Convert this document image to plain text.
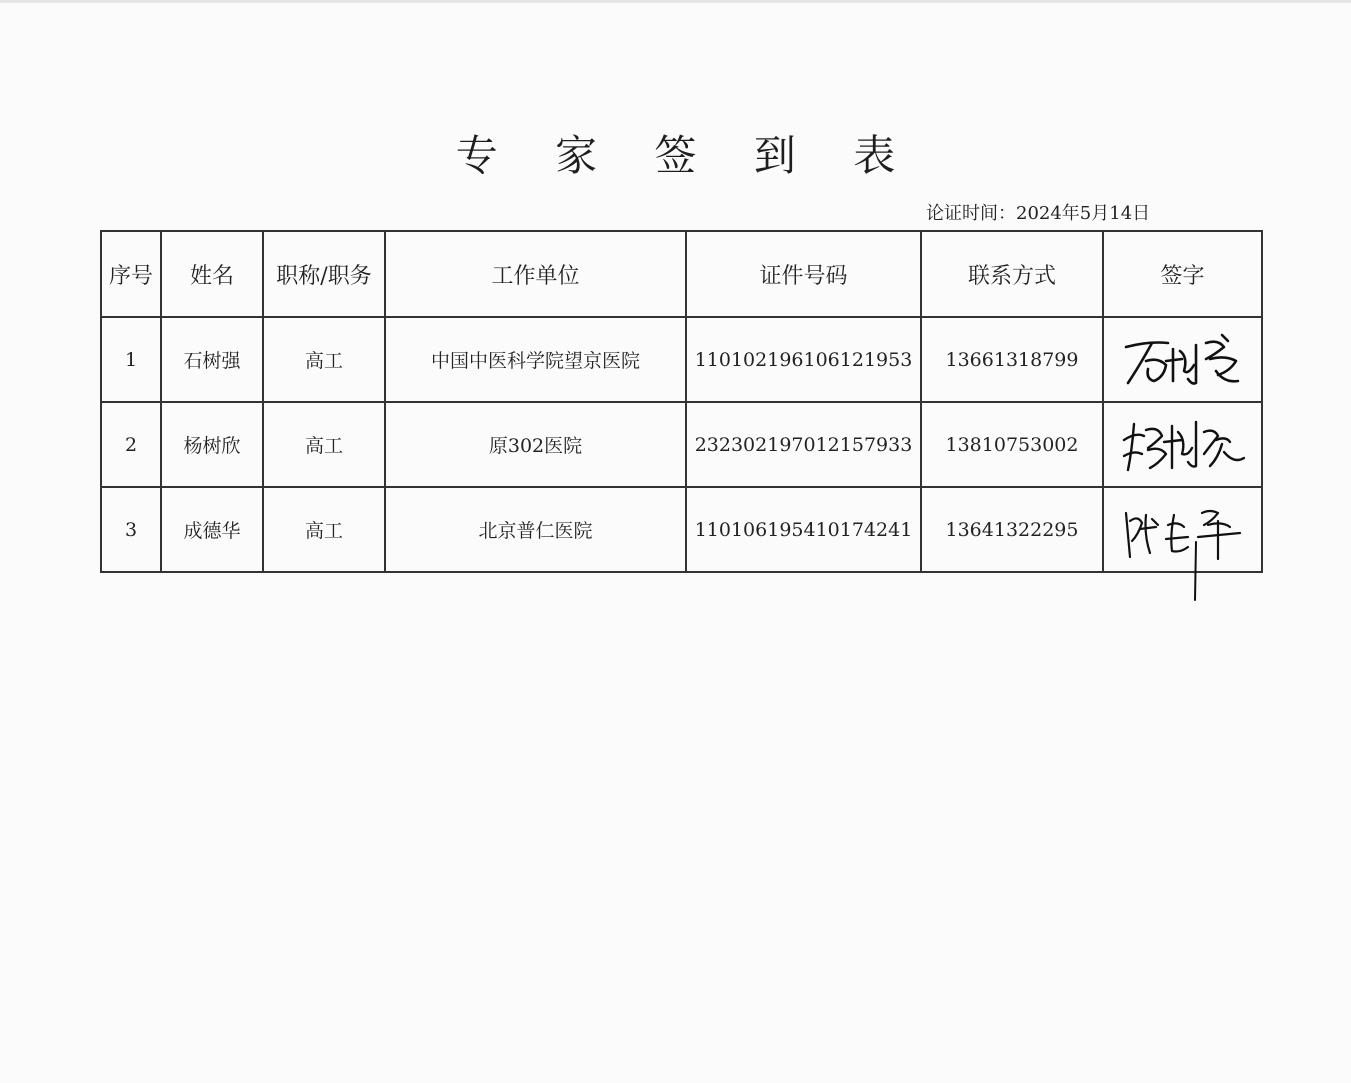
专 家 签 到 表
论证时间：2024年5月14日
序号	姓名	职称/职务	工作单位	证件号码	联系方式	签字
1	石树强	高工	中国中医科学院望京医院	110102196106121953	13661318799	

2	杨树欣	高工	原302医院	232302197012157933	13810753002	

3	成德华	高工	北京普仁医院	110106195410174241	13641322295	
